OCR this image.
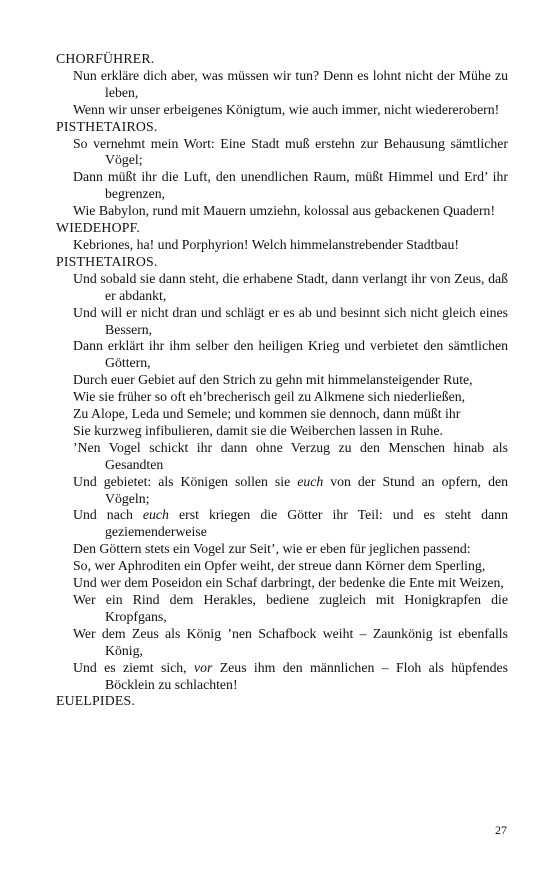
CHORFÜHRER.

Nun erkläre dich aber, was müssen wir tun? Denn es lohnt nicht der Mühe zu leben,

Wenn wir unser erbeigenes Königtum, wie auch immer, nicht wiedererobern!

PISTHETAIROS.

So vernehmt mein Wort: Eine Stadt muß erstehn zur Behausung sämtlicher Vögel;

Dann müßt ihr die Luft, den unendlichen Raum, müßt Himmel und Erd’ ihr begrenzen,

Wie Babylon, rund mit Mauern umziehn, kolossal aus gebackenen Quadern!

WIEDEHOPF.

Kebriones, ha! und Porphyrion! Welch himmelanstrebender Stadtbau!

PISTHETAIROS.

Und sobald sie dann steht, die erhabene Stadt, dann verlangt ihr von Zeus, daß er abdankt,

Und will er nicht dran und schlägt er es ab und besinnt sich nicht gleich eines Bessern,

Dann erklärt ihr ihm selber den heiligen Krieg und verbietet den sämtlichen Göttern,

Durch euer Gebiet auf den Strich zu gehn mit himmelansteigender Rute,

Wie sie früher so oft eh’brecherisch geil zu Alkmene sich niederließen,

Zu Alope, Leda und Semele; und kommen sie dennoch, dann müßt ihr

Sie kurzweg infibulieren, damit sie die Weiberchen lassen in Ruhe.

’Nen Vogel schickt ihr dann ohne Verzug zu den Menschen hinab als Gesandten

Und gebietet: als Königen sollen sie euch von der Stund an opfern, den Vögeln;

Und nach euch erst kriegen die Götter ihr Teil: und es steht dann geziemenderweise

Den Göttern stets ein Vogel zur Seit’, wie er eben für jeglichen passend:

So, wer Aphroditen ein Opfer weiht, der streue dann Körner dem Sperling,

Und wer dem Poseidon ein Schaf darbringt, der bedenke die Ente mit Weizen,

Wer ein Rind dem Herakles, bediene zugleich mit Honigkrapfen die Kropfgans,

Wer dem Zeus als König ’nen Schafbock weiht – Zaunkönig ist ebenfalls König,

Und es ziemt sich, vor Zeus ihm den männlichen – Floh als hüpfendes Böcklein zu schlachten!

EUELPIDES.

27
